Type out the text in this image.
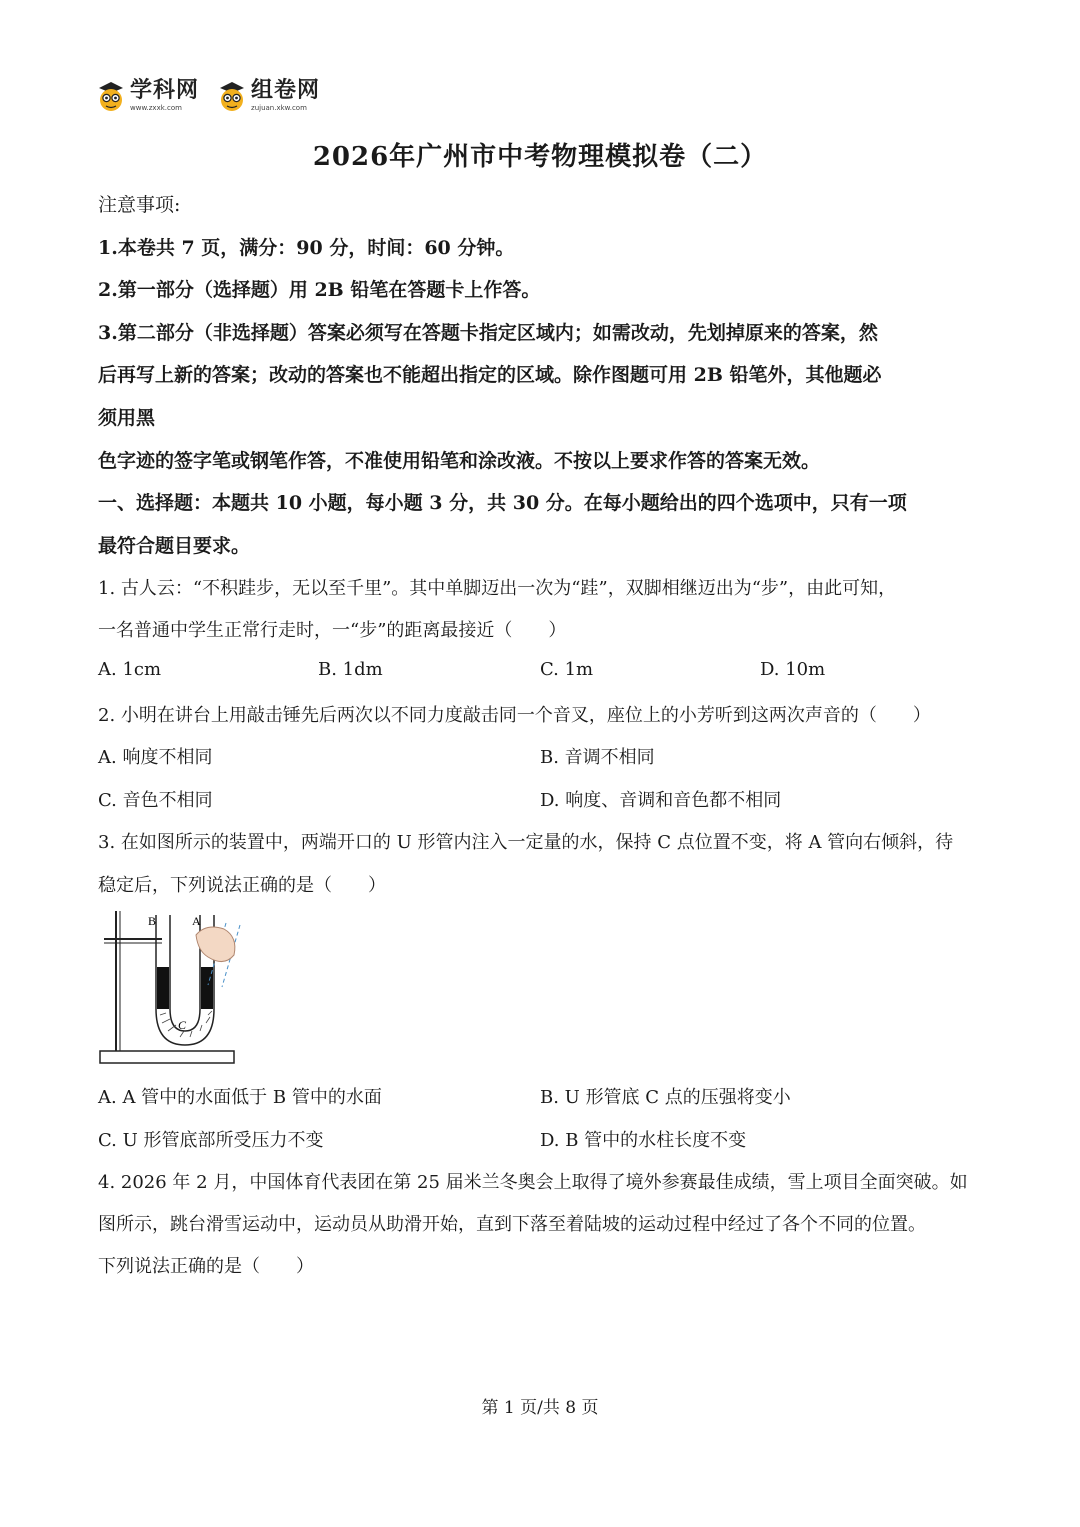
学科网
www.zxxk.com
组卷网
zujuan.xkw.com
2026年广州市中考物理模拟卷（二）
注意事项:
1.本卷共 7 页，满分：90 分，时间：60 分钟。
2.第一部分（选择题）用 2B 铅笔在答题卡上作答。
3.第二部分（非选择题）答案必须写在答题卡指定区域内；如需改动，先划掉原来的答案，然
后再写上新的答案；改动的答案也不能超出指定的区域。除作图题可用 2B 铅笔外，其他题必
须用黑
色字迹的签字笔或钢笔作答，不准使用铅笔和涂改液。不按以上要求作答的答案无效。
一、选择题：本题共 10 小题，每小题 3 分，共 30 分。在每小题给出的四个选项中，只有一项
最符合题目要求。
1. 古人云：“不积跬步，无以至千里”。其中单脚迈出一次为“跬”，双脚相继迈出为“步”，由此可知，
一名普通中学生正常行走时，一“步”的距离最接近（　　）
A. 1cm	B. 1dm	C. 1m	D. 10m
2. 小明在讲台上用敲击锤先后两次以不同力度敲击同一个音叉，座位上的小芳听到这两次声音的（　　）
A. 响度不相同	B. 音调不相同
C. 音色不相同	D. 响度、音调和音色都不相同
3. 在如图所示的装置中，两端开口的 U 形管内注入一定量的水，保持 C 点位置不变，将 A 管向右倾斜，待
稳定后，下列说法正确的是（　　）
B	A
C
A. A 管中的水面低于 B 管中的水面	B. U 形管底 C 点的压强将变小
C. U 形管底部所受压力不变	D. B 管中的水柱长度不变
4. 2026 年 2 月，中国体育代表团在第 25 届米兰冬奥会上取得了境外参赛最佳成绩，雪上项目全面突破。如
图所示，跳台滑雪运动中，运动员从助滑开始，直到下落至着陆坡的运动过程中经过了各个不同的位置。
下列说法正确的是（　　）
第 1 页/共 8 页
